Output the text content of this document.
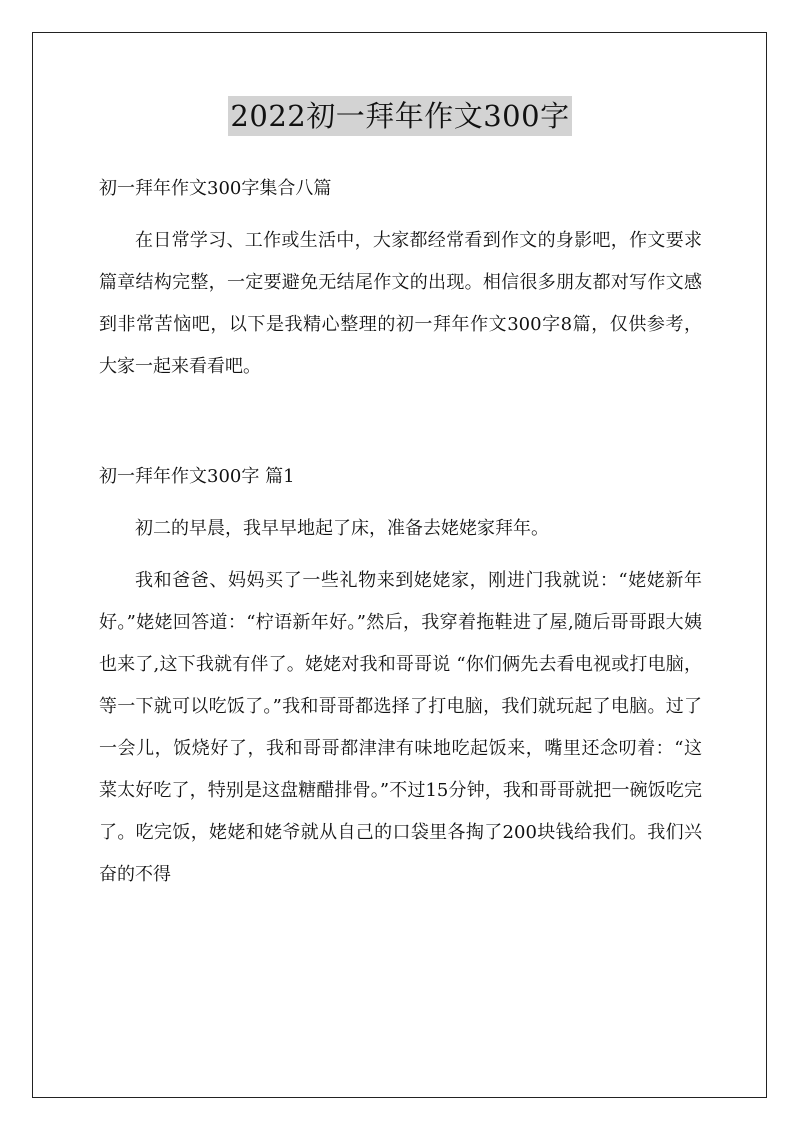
2022初一拜年作文300字

初一拜年作文300字集合八篇

在日常学习、工作或生活中，大家都经常看到作文的身影吧，作文要求篇章结构完整，一定要避免无结尾作文的出现。相信很多朋友都对写作文感到非常苦恼吧，以下是我精心整理的初一拜年作文300字8篇，仅供参考，大家一起来看看吧。

初一拜年作文300字 篇1

初二的早晨，我早早地起了床，准备去姥姥家拜年。

我和爸爸、妈妈买了一些礼物来到姥姥家，刚进门我就说：“姥姥新年好。”姥姥回答道：“柠语新年好。”然后，我穿着拖鞋进了屋,随后哥哥跟大姨也来了,这下我就有伴了。姥姥对我和哥哥说 “你们俩先去看电视或打电脑，等一下就可以吃饭了。”我和哥哥都选择了打电脑，我们就玩起了电脑。过了一会儿，饭烧好了，我和哥哥都津津有味地吃起饭来，嘴里还念叨着：“这菜太好吃了，特别是这盘糖醋排骨。”不过15分钟，我和哥哥就把一碗饭吃完了。吃完饭，姥姥和姥爷就从自己的口袋里各掏了200块钱给我们。我们兴奋的不得
